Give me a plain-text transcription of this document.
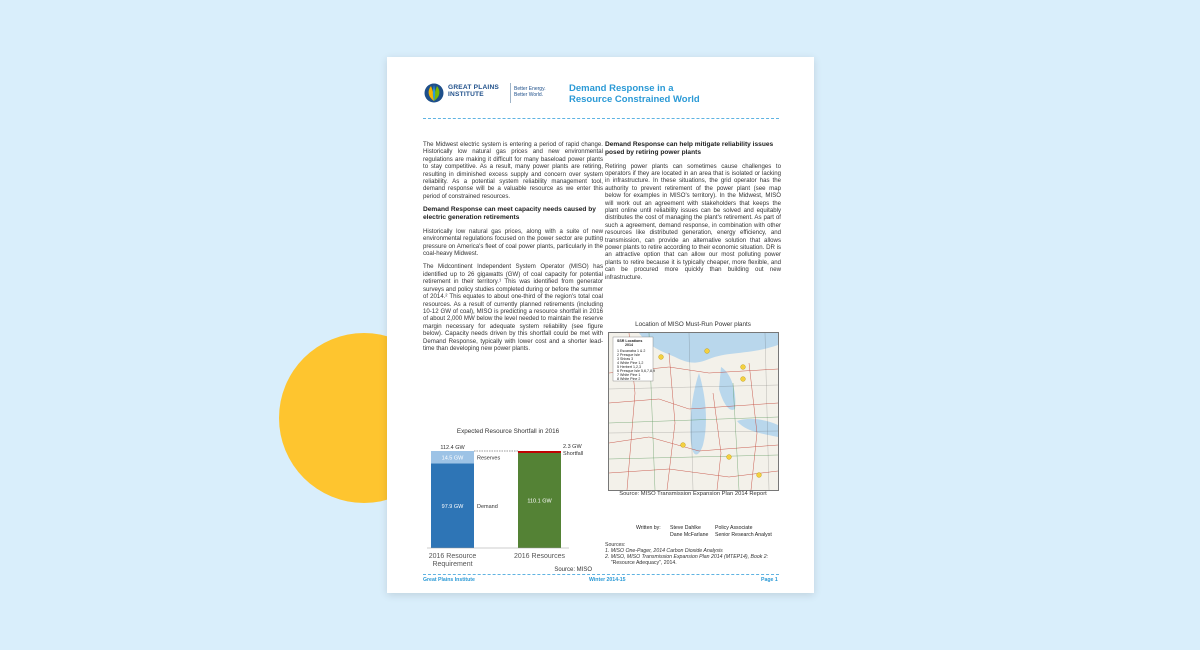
GREAT PLAINS
INSTITUTE
Better Energy.
Better World.
Demand Response in a
Resource Constrained World

The Midwest electric system is entering a period of rapid change. Historically low natural gas prices and new environmental regulations are making it difficult for many baseload power plants to stay competitive. As a result, many power plants are retiring, resulting in diminished excess supply and concern over system reliability. As a potential system reliability management tool, demand response will be a valuable resource as we enter this period of constrained resources.

Demand Response can meet capacity needs caused by electric generation retirements

Historically low natural gas prices, along with a suite of new environmental regulations focused on the power sector are putting pressure on America's fleet of coal power plants, particularly in the coal-heavy Midwest.

The Midcontinent Independent System Operator (MISO) has identified up to 26 gigawatts (GW) of coal capacity for potential retirement in their territory.¹ This was identified from generator surveys and policy studies completed during or before the summer of 2014.² This equates to about one-third of the region's total coal resources. As a result of currently planned retirements (including 10-12 GW of coal), MISO is predicting a resource shortfall in 2016 of about 2,000 MW below the level needed to maintain the reserve margin necessary for adequate system reliability (see figure below). Capacity needs driven by this shortfall could be met with Demand Response, typically with lower cost and a shorter lead-time than developing new power plants.

Expected Resource Shortfall in 2016
97.9 GW
14.5 GW
2016 Resource
Requirement
110.1 GW
2016 Resources
112.4 GW
Reserves
Demand
2.3 GW
Shortfall
Source: MISO

Demand Response can help mitigate reliability issues posed by retiring power plants

Retiring power plants can sometimes cause challenges to operators if they are located in an area that is isolated or lacking in infrastructure. In these situations, the grid operator has the authority to prevent retirement of the power plant (see map below for examples in MISO's territory). In the Midwest, MISO will work out an agreement with stakeholders that keeps the plant online until reliability issues can be solved and equitably distributes the cost of managing the plant's retirement. As part of such a agreement, demand response, in combination with other resources like distributed generation, energy efficiency, and transmission, can provide an alternative solution that allows power plants to retire according to their economic situation. DR is an attractive option that can allow our most polluting power plants to retire because it is typically cheaper, more flexible, and can be procured more quickly than building out new infrastructure.

Location of MISO Must-Run Power plants
SSR Locations
2014
1 Escanaba 1 & 2
2 Presque Isle
3 Shiras 3
4 White Pine 1,2
5 Herbert 1,2,3
6 Presque Isle 5,6,7,8,9
7 White Pine 1
8 White Pine 2
Source: MISO Transmission Expansion Plan 2014 Report
Written by: Steve Dahlke
Dane McFarlane
Policy Associate
Senior Research Analyst
Sources:
1. MISO One-Pager, 2014 Carbon Dioxide Analysis
2. MISO, MISO Transmission Expansion Plan 2014 (MTEP14), Book 2:
"Resource Adequacy", 2014.
Great Plains Institute	Winter 2014-15	Page 1
